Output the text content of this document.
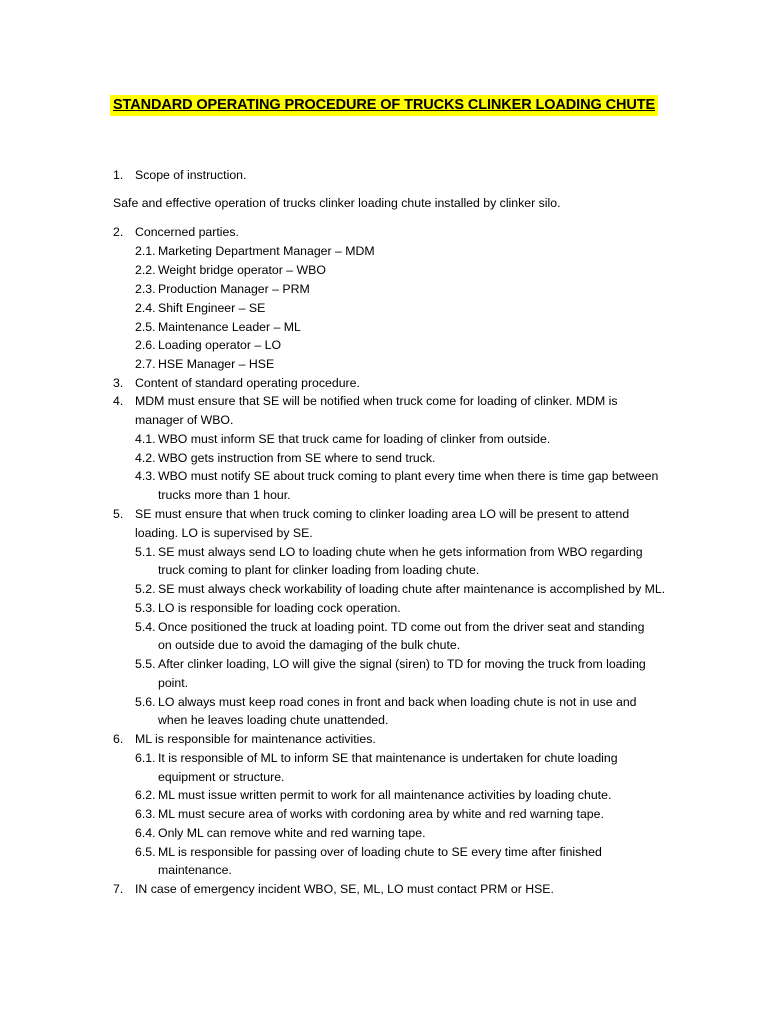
STANDARD OPERATING PROCEDURE OF TRUCKS CLINKER LOADING CHUTE
1. Scope of instruction.
Safe and effective operation of trucks clinker loading chute installed by clinker silo.
2. Concerned parties.
2.1. Marketing Department Manager – MDM
2.2. Weight bridge operator – WBO
2.3. Production Manager – PRM
2.4. Shift Engineer – SE
2.5. Maintenance Leader – ML
2.6. Loading operator – LO
2.7. HSE Manager – HSE
3. Content of standard operating procedure.
4. MDM must ensure that SE will be notified when truck come for loading of clinker. MDM is
manager of WBO.
4.1. WBO must inform SE that truck came for loading of clinker from outside.
4.2. WBO gets instruction from SE where to send truck.
4.3. WBO must notify SE about truck coming to plant every time when there is time gap between
trucks more than 1 hour.
5. SE must ensure that when truck coming to clinker loading area LO will be present to attend
loading. LO is supervised by SE.
5.1. SE must always send LO to loading chute when he gets information from WBO regarding
truck coming to plant for clinker loading from loading chute.
5.2. SE must always check workability of loading chute after maintenance is accomplished by ML.
5.3. LO is responsible for loading cock operation.
5.4. Once positioned the truck at loading point. TD come out from the driver seat and standing
on outside due to avoid the damaging of the bulk chute.
5.5. After clinker loading, LO will give the signal (siren) to TD for moving the truck from loading
point.
5.6. LO always must keep road cones in front and back when loading chute is not in use and
when he leaves loading chute unattended.
6. ML is responsible for maintenance activities.
6.1. It is responsible of ML to inform SE that maintenance is undertaken for chute loading
equipment or structure.
6.2. ML must issue written permit to work for all maintenance activities by loading chute.
6.3. ML must secure area of works with cordoning area by white and red warning tape.
6.4. Only ML can remove white and red warning tape.
6.5. ML is responsible for passing over of loading chute to SE every time after finished
maintenance.
7. IN case of emergency incident WBO, SE, ML, LO must contact PRM or HSE.
